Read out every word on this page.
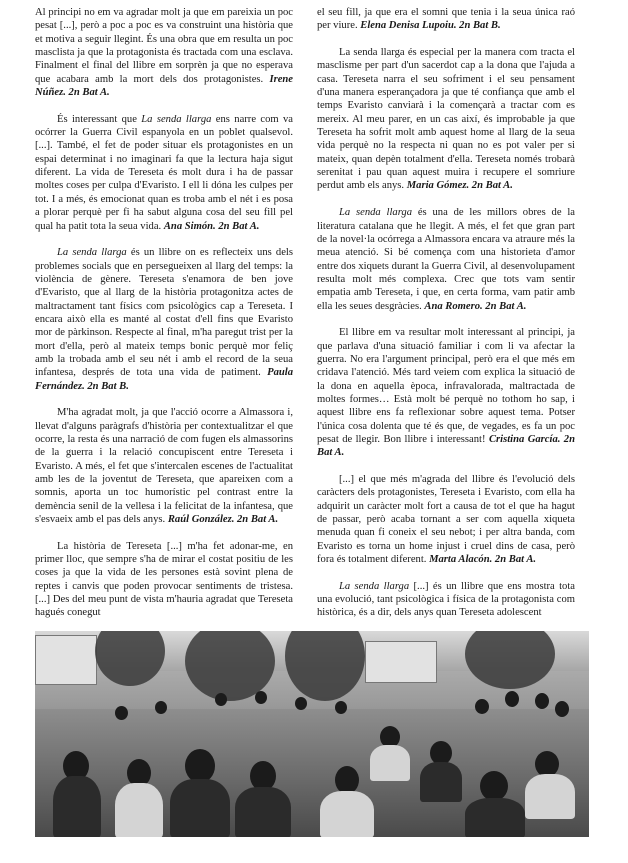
Al principi no em va agradar molt ja que em pareixia un poc pesat [...], però a poc a poc es va construint una història que et motiva a seguir llegint. És una obra que em resulta un poc masclista ja que la protagonista és tractada com una esclava. Finalment el final del llibre em sorprèn ja que no esperava que acabara amb la mort dels dos protagonistes. Irene Núñez. 2n Bat A.

És interessant que La senda llarga ens narre com va ocórrer la Guerra Civil espanyola en un poblet qualsevol. [...]. També, el fet de poder situar els protagonistes en un espai determinat i no imaginari fa que la lectura haja sigut diferent. La vida de Tereseta és molt dura i ha de passar moltes coses per culpa d'Evaristo. I ell li dóna les culpes per tot. I a més, és emocionat quan es troba amb el nét i es posa a plorar perquè per fi ha sabut alguna cosa del seu fill pel qual ha patit tota la seua vida. Ana Simón. 2n Bat A.

La senda llarga és un llibre on es reflecteix uns dels problemes socials que en persegueixen al llarg del temps: la violència de gènere. Tereseta s'enamora de ben jove d'Evaristo, que al llarg de la història protagonitza actes de maltractament tant físics com psicològics cap a Tereseta. I encara això ella es manté al costat d'ell fins que Evaristo mor de pàrkinson. Respecte al final, m'ha paregut trist per la mort d'ella, però al mateix temps bonic perquè mor feliç amb la trobada amb el seu nét i amb el record de la seua infantesa, després de tota una vida de patiment. Paula Fernández. 2n Bat B.

M'ha agradat molt, ja que l'acció ocorre a Almassora i, llevat d'alguns paràgrafs d'història per contextualitzar el que ocorre, la resta és una narració de com fugen els almassorins de la guerra i la relació concupiscent entre Tereseta i Evaristo. A més, el fet que s'intercalen escenes de l'actualitat amb les de la joventut de Tereseta, que apareixen com a somnis, aporta un toc humorístic pel contrast entre la demència senil de la vellesa i la felicitat de la infantesa, que s'esvaeix amb el pas dels anys. Raúl González. 2n Bat A.

La història de Tereseta [...] m'ha fet adonar-me, en primer lloc, que sempre s'ha de mirar el costat positiu de les coses ja que la vida de les persones està sovint plena de reptes i canvis que poden provocar sentiments de tristesa. [...] Des del meu punt de vista m'hauria agradat que Tereseta hagués conegut

el seu fill, ja que era el somni que tenia i la seua única raó per viure. Elena Denisa Lupoiu. 2n Bat B.

La senda llarga és especial per la manera com tracta el masclisme per part d'un sacerdot cap a la dona que l'ajuda a casa. Tereseta narra el seu sofriment i el seu pensament d'una manera esperançadora ja que té confiança que amb el temps Evaristo canviarà i la començarà a tractar com es mereix. Al meu parer, en un cas així, és improbable ja que Tereseta ha sofrit molt amb aquest home al llarg de la seua vida perquè no la respecta ni quan no es pot valer per si mateix, quan depèn totalment d'ella. Tereseta només trobarà serenitat i pau quan aquest muira i recupere el somriure perdut amb els anys. Maria Gómez. 2n Bat A.

La senda llarga és una de les millors obres de la literatura catalana que he llegit. A més, el fet que gran part de la novel·la ocórrega a Almassora encara va atraure més la meua atenció. Si bé comença com una historieta d'amor entre dos xiquets durant la Guerra Civil, al desenvolupament resulta molt més complexa. Crec que tots vam sentir empatia amb Tereseta, i que, en certa forma, vam patir amb ella les seues desgràcies. Ana Romero. 2n Bat A.

El llibre em va resultar molt interessant al principi, ja que parlava d'una situació familiar i com li va afectar la guerra. No era l'argument principal, però era el que més em cridava l'atenció. Més tard veiem com explica la situació de la dona en aquella època, infravalorada, maltractada de moltes formes… Està molt bé perquè no tothom ho sap, i aquest llibre ens fa reflexionar sobre aquest tema. Potser l'única cosa dolenta que té és que, de vegades, es fa un poc pesat de llegir. Bon llibre i interessant! Cristina García. 2n Bat A.

[...] el que més m'agrada del llibre és l'evolució dels caràcters dels protagonistes, Tereseta i Evaristo, com ella ha adquirit un caràcter molt fort a causa de tot el que ha hagut de passar, però acaba tornant a ser com aquella xiqueta menuda quan fi coneix el seu nebot; i per altra banda, com Evaristo es torna un home injust i cruel dins de casa, però fora és totalment diferent. Marta Alacón. 2n Bat A.

La senda llarga [...] és un llibre que ens mostra tota una evolució, tant psicològica i física de la protagonista com històrica, és a dir, dels anys quan Tereseta adolescent
